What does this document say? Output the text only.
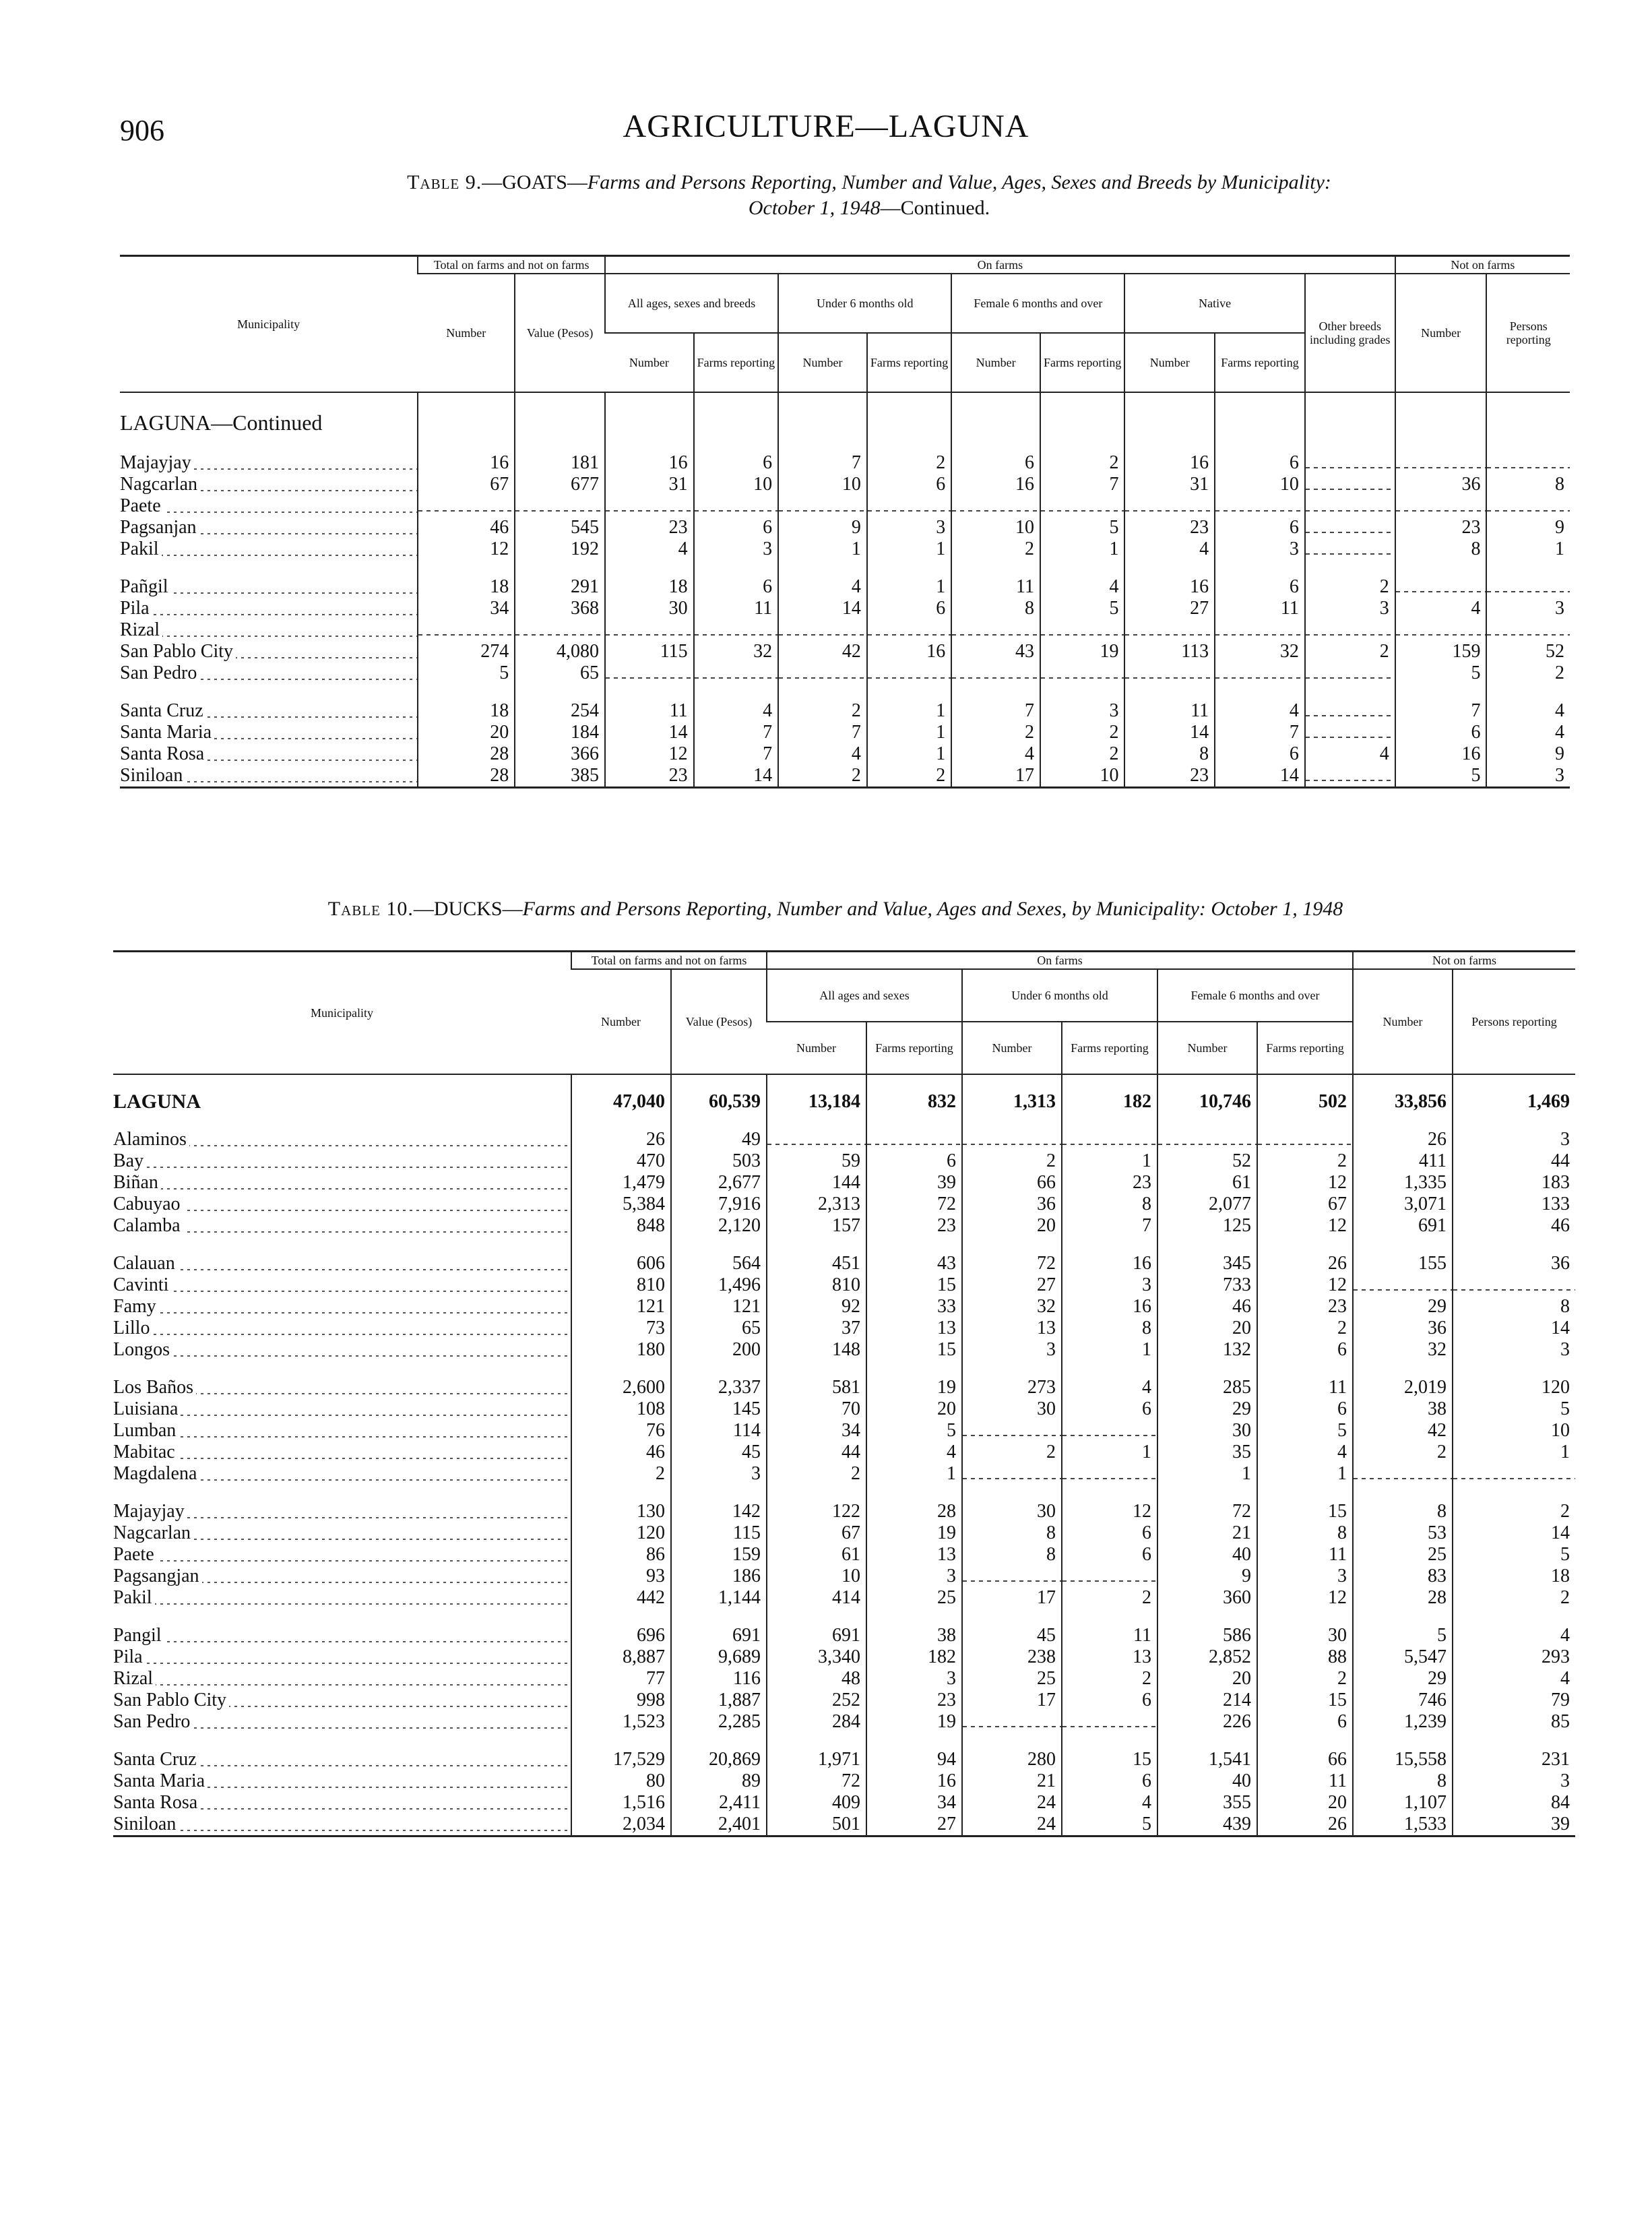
906	AGRICULTURE—LAGUNA
Table 9.—GOATS—Farms and Persons Reporting, Number and Value, Ages, Sexes and Breeds by Municipality:
October 1, 1948—Continued.
Municipality	Total on farms and not on farms		On farms									Not on farms	
	Number	Value (Pesos)	All ages, sexes and breeds		Under 6 months old		Female 6 months and over		Native		Other breeds including grades	Number	Persons reporting
			Number	Farms reporting	Number	Farms reporting	Number	Farms reporting	Number	Farms reporting			

LAGUNA—Continued													

Majayjay	16	181	16	6	7	2	6	2	16	6			
Nagcarlan	67	677	31	10	10	6	16	7	31	10		36	8
Paete													
Pagsanjan	46	545	23	6	9	3	10	5	23	6		23	9
Pakil	12	192	4	3	1	1	2	1	4	3		8	1

Pañgil	18	291	18	6	4	1	11	4	16	6	2		
Pila	34	368	30	11	14	6	8	5	27	11	3	4	3
Rizal													
San Pablo City	274	4,080	115	32	42	16	43	19	113	32	2	159	52
San Pedro	5	65										5	2

Santa Cruz	18	254	11	4	2	1	7	3	11	4		7	4
Santa Maria	20	184	14	7	7	1	2	2	14	7		6	4
Santa Rosa	28	366	12	7	4	1	4	2	8	6	4	16	9
Siniloan	28	385	23	14	2	2	17	10	23	14		5	3
Table 10.—DUCKS—Farms and Persons Reporting, Number and Value, Ages and Sexes, by Municipality: October 1, 1948
Municipality	Total on farms and not on farms		On farms						Not on farms	
	Number	Value (Pesos)	All ages and sexes		Under 6 months old		Female 6 months and over		Number	Persons reporting
			Number	Farms reporting	Number	Farms reporting	Number	Farms reporting		

LAGUNA	47,040	60,539	13,184	832	1,313	182	10,746	502	33,856	1,469

Alaminos	26	49							26	3
Bay	470	503	59	6	2	1	52	2	411	44
Biñan	1,479	2,677	144	39	66	23	61	12	1,335	183
Cabuyao	5,384	7,916	2,313	72	36	8	2,077	67	3,071	133
Calamba	848	2,120	157	23	20	7	125	12	691	46

Calauan	606	564	451	43	72	16	345	26	155	36
Cavinti	810	1,496	810	15	27	3	733	12		
Famy	121	121	92	33	32	16	46	23	29	8
Lillo	73	65	37	13	13	8	20	2	36	14
Longos	180	200	148	15	3	1	132	6	32	3

Los Baños	2,600	2,337	581	19	273	4	285	11	2,019	120
Luisiana	108	145	70	20	30	6	29	6	38	5
Lumban	76	114	34	5			30	5	42	10
Mabitac	46	45	44	4	2	1	35	4	2	1
Magdalena	2	3	2	1			1	1		

Majayjay	130	142	122	28	30	12	72	15	8	2
Nagcarlan	120	115	67	19	8	6	21	8	53	14
Paete	86	159	61	13	8	6	40	11	25	5
Pagsangjan	93	186	10	3			9	3	83	18
Pakil	442	1,144	414	25	17	2	360	12	28	2

Pangil	696	691	691	38	45	11	586	30	5	4
Pila	8,887	9,689	3,340	182	238	13	2,852	88	5,547	293
Rizal	77	116	48	3	25	2	20	2	29	4
San Pablo City	998	1,887	252	23	17	6	214	15	746	79
San Pedro	1,523	2,285	284	19			226	6	1,239	85

Santa Cruz	17,529	20,869	1,971	94	280	15	1,541	66	15,558	231
Santa Maria	80	89	72	16	21	6	40	11	8	3
Santa Rosa	1,516	2,411	409	34	24	4	355	20	1,107	84
Siniloan	2,034	2,401	501	27	24	5	439	26	1,533	39
